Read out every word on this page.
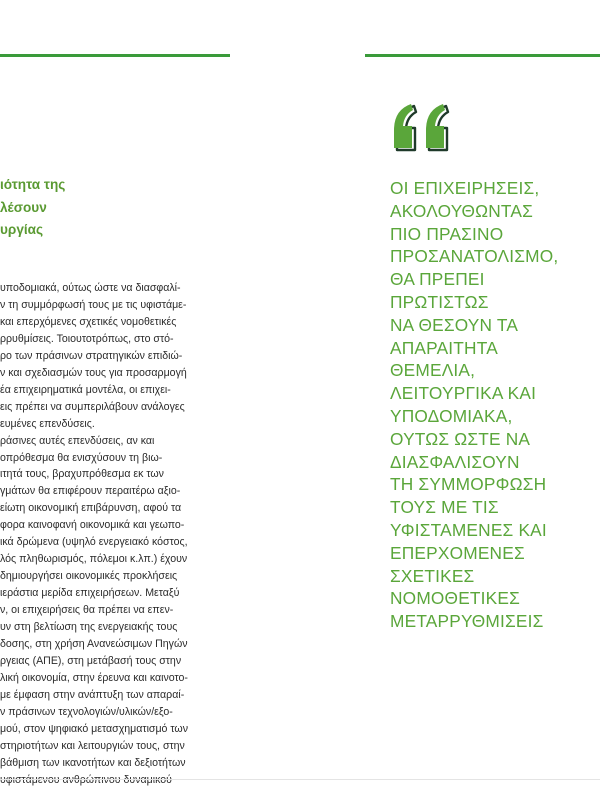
ιότητα της
λέσουν
υργίας
υποδομιακά, ούτως ώστε να διασφαλί-
ν τη συμμόρφωσή τους με τις υφιστάμε-
και επερχόμενες σχετικές νομοθετικές
ρρυθμίσεις. Τοιουτοτρόπως, στο στό-
ρο των πράσινων στρατηγικών επιδιώ-
ν και σχεδιασμών τους για προσαρμογή
έα επιχειρηματικά μοντέλα, οι επιχει-
εις πρέπει να συμπεριλάβουν ανάλογες
ευμένες επενδύσεις.
ράσινες αυτές επενδύσεις, αν και
οπρόθεσμα θα ενισχύσουν τη βιω-
ιτητά τους, βραχυπρόθεσμα εκ των
γμάτων θα επιφέρουν περαιτέρω αξιο-
είωτη οικονομική επιβάρυνση, αφού τα
φορα καινοφανή οικονομικά και γεωπο-
ικά δρώμενα (υψηλό ενεργειακό κόστος,
λός πληθωρισμός, πόλεμοι κ.λπ.) έχουν
δημιουργήσει οικονομικές προκλήσεις
ιεράστια μερίδα επιχειρήσεων. Μεταξύ
ν, οι επιχειρήσεις θα πρέπει να επεν-
υν στη βελτίωση της ενεργειακής τους
δοσης, στη χρήση Ανανεώσιμων Πηγών
ργειας (ΑΠΕ), στη μετάβασή τους στην
λική οικονομία, στην έρευνα και καινοτο-
με έμφαση στην ανάπτυξη των απαραί-
ν πράσινων τεχνολογιών/υλικών/εξο-
μού, στον ψηφιακό μετασχηματισμό των
στηριοτήτων και λειτουργιών τους, στην
βάθμιση των ικανοτήτων και δεξιοτήτων
ΟΙ ΕΠΙΧΕΙΡΗΣΕΙΣ,
ΑΚΟΛΟΥΘΩΝΤΑΣ
ΠΙΟ ΠΡΑΣΙΝΟ
ΠΡΟΣΑΝΑΤΟΛΙΣΜΟ,
ΘΑ ΠΡΕΠΕΙ
ΠΡΩΤΙΣΤΩΣ
ΝΑ ΘΕΣΟΥΝ ΤΑ
ΑΠΑΡΑΙΤΗΤΑ
ΘΕΜΕΛΙΑ,
ΛΕΙΤΟΥΡΓΙΚΑ ΚΑΙ
ΥΠΟΔΟΜΙΑΚΑ,
ΟΥΤΩΣ ΩΣΤΕ ΝΑ
ΔΙΑΣΦΑΛΙΣΟΥΝ
ΤΗ ΣΥΜΜΟΡΦΩΣΗ
ΤΟΥΣ ΜΕ ΤΙΣ
ΥΦΙΣΤΑΜΕΝΕΣ ΚΑΙ
ΕΠΕΡΧΟΜΕΝΕΣ
ΣΧΕΤΙΚΕΣ
ΝΟΜΟΘΕΤΙΚΕΣ
ΜΕΤΑΡΡΥΘΜΙΣΕΙΣ
